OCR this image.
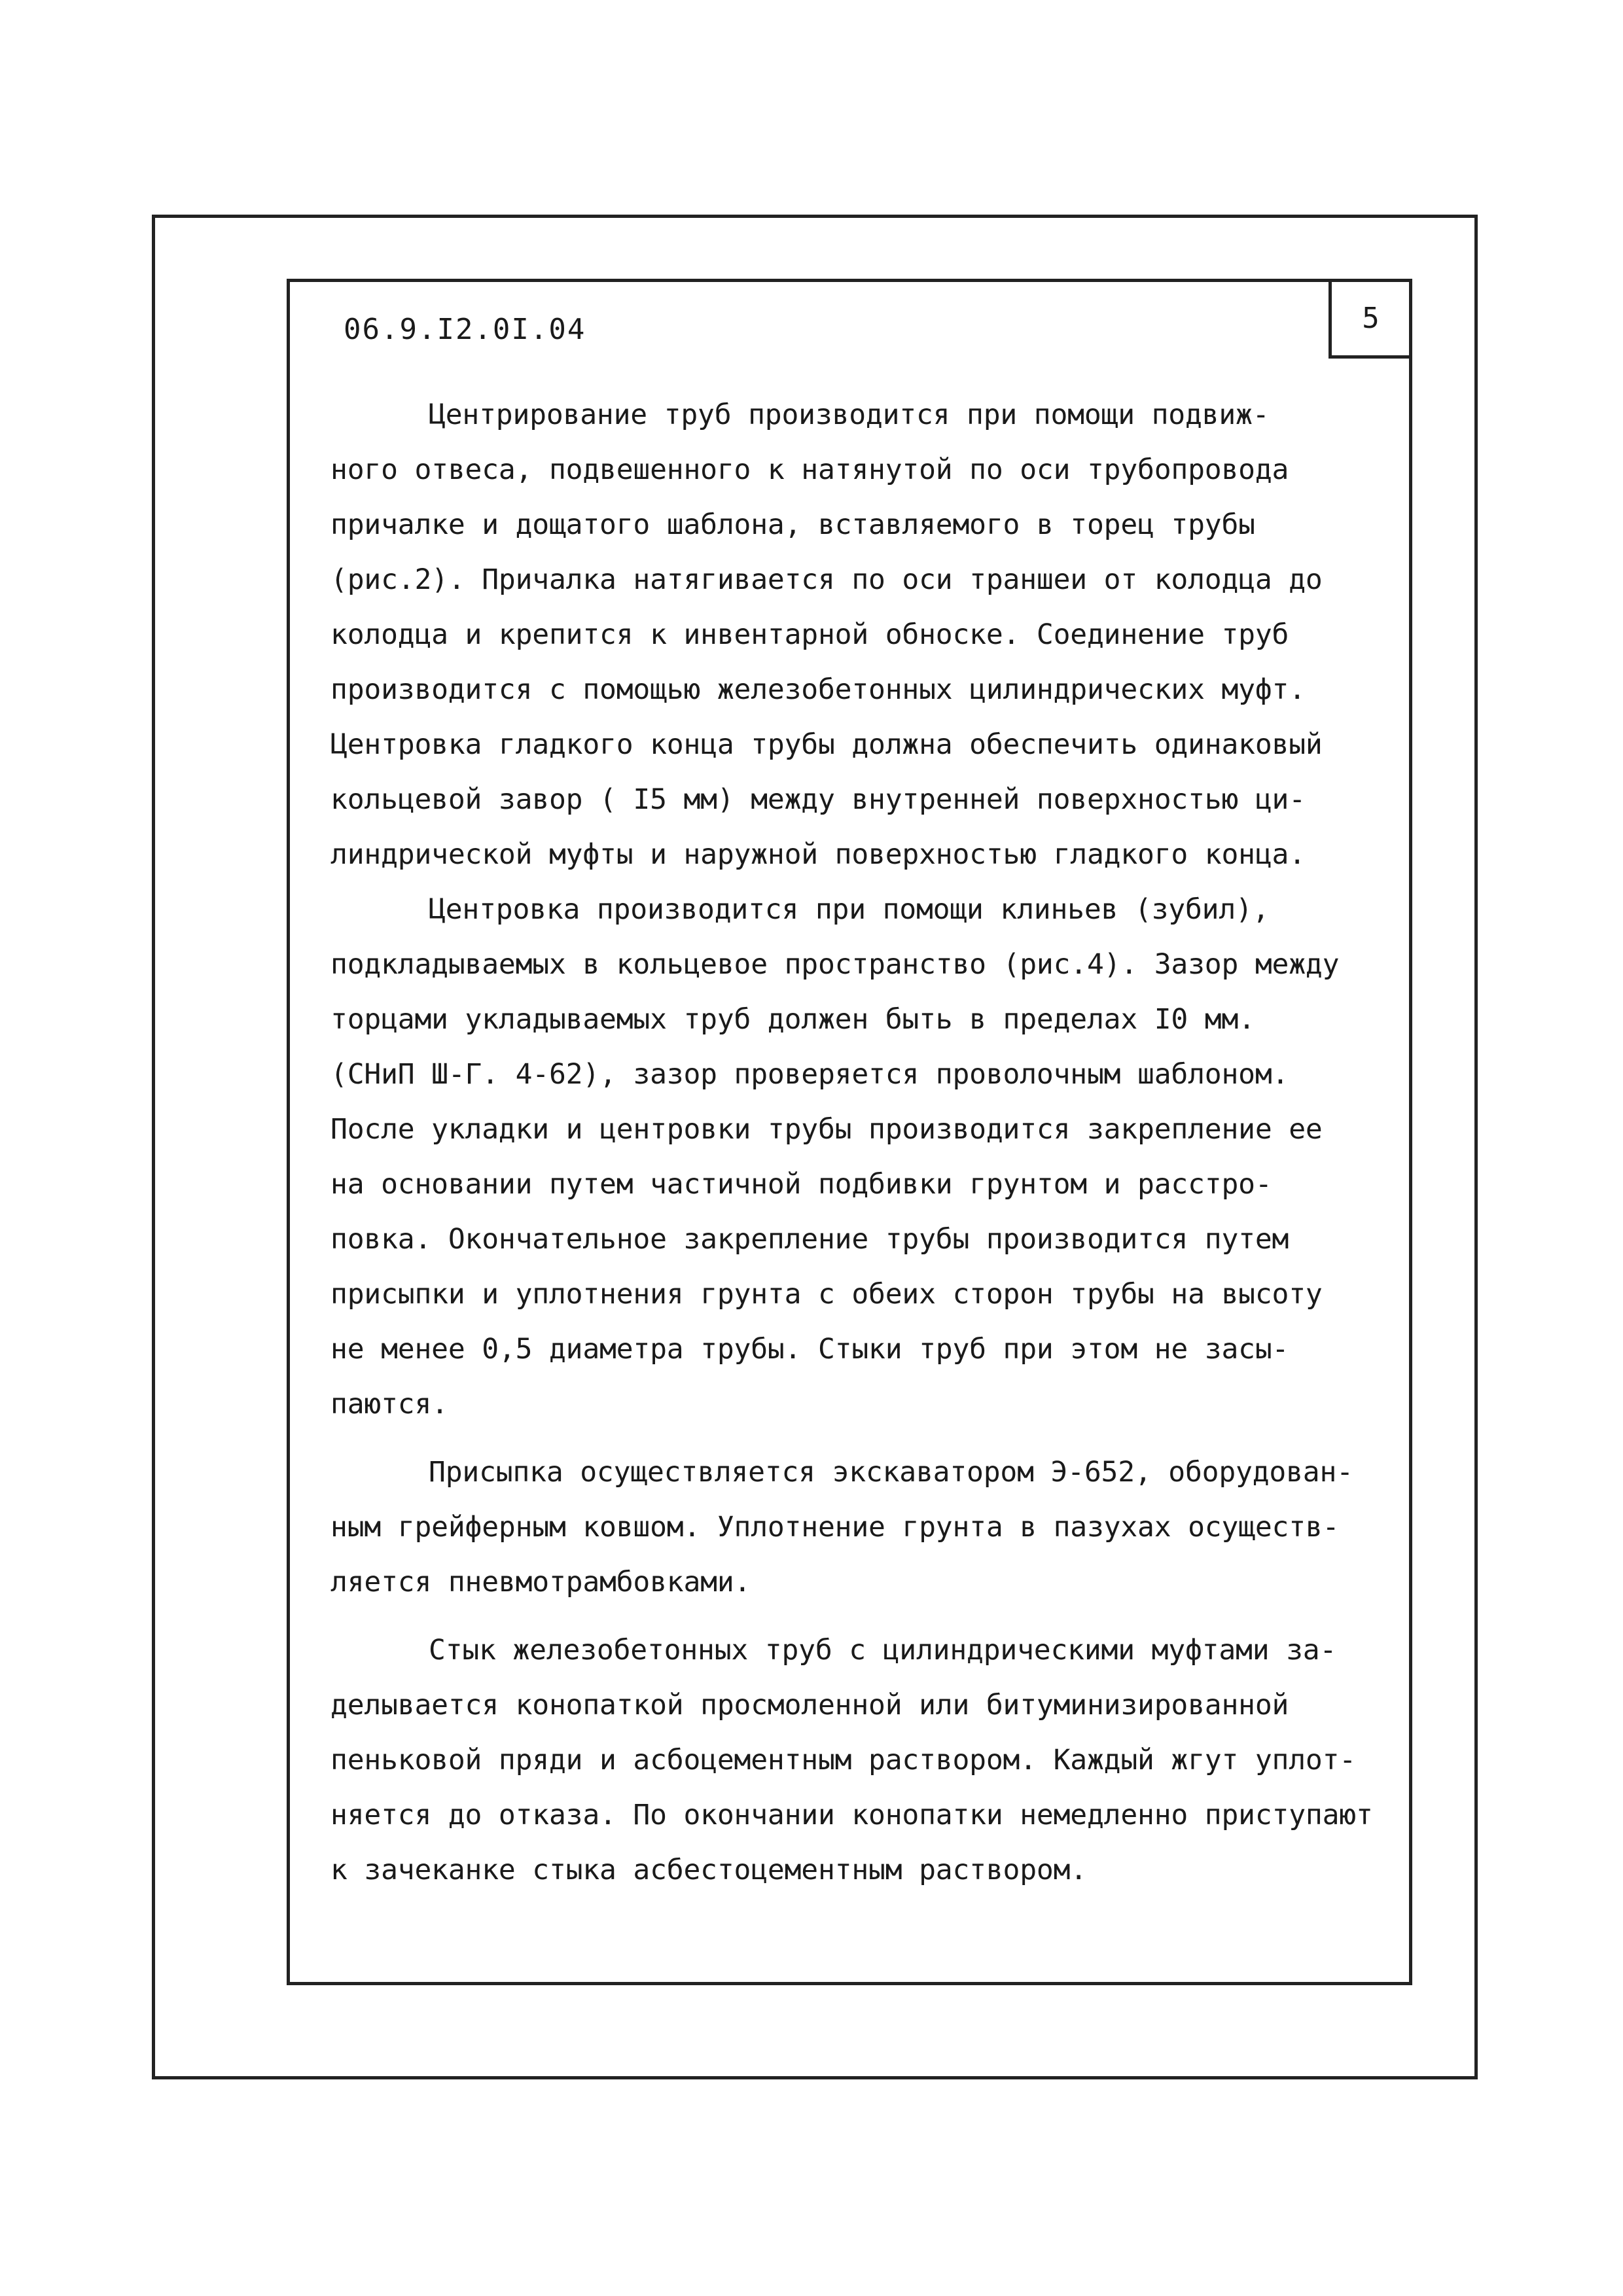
06.9.I2.0I.04	5
Центрирование труб производится при помощи подвиж-
ного отвеса, подвешенного к натянутой по оси трубопровода
причалке и дощатого шаблона, вставляемого в торец трубы
(рис.2). Причалка натягивается по оси траншеи от колодца до
колодца и крепится к инвентарной обноске. Соединение труб
производится с помощью железобетонных цилиндрических муфт.
Центровка гладкого конца трубы должна обеспечить одинаковый
кольцевой завор ( I5 мм) между внутренней поверхностью ци-
линдрической муфты и наружной поверхностью гладкого конца.
Центровка производится при помощи клиньев (зубил),
подкладываемых в кольцевое пространство (рис.4). Зазор между
торцами укладываемых труб должен быть в пределах I0 мм.
(СНиП Ш-Г. 4-62), зазор проверяется проволочным шаблоном.
После укладки и центровки трубы производится закрепление ее
на основании путем частичной подбивки грунтом и расстро-
повка. Окончательное закрепление трубы производится путем
присыпки и уплотнения грунта с обеих сторон трубы на высоту
не менее 0,5 диаметра трубы. Стыки труб при этом не засы-
паются.
Присыпка осуществляется экскаватором Э-652, оборудован-
ным грейферным ковшом. Уплотнение грунта в пазухах осуществ-
ляется пневмотрамбовками.
Стык железобетонных труб с цилиндрическими муфтами за-
делывается конопаткой просмоленной или битуминизированной
пеньковой пряди и асбоцементным раствором. Каждый жгут уплот-
няется до отказа. По окончании конопатки немедленно приступают
к зачеканке стыка асбестоцементным раствором.
